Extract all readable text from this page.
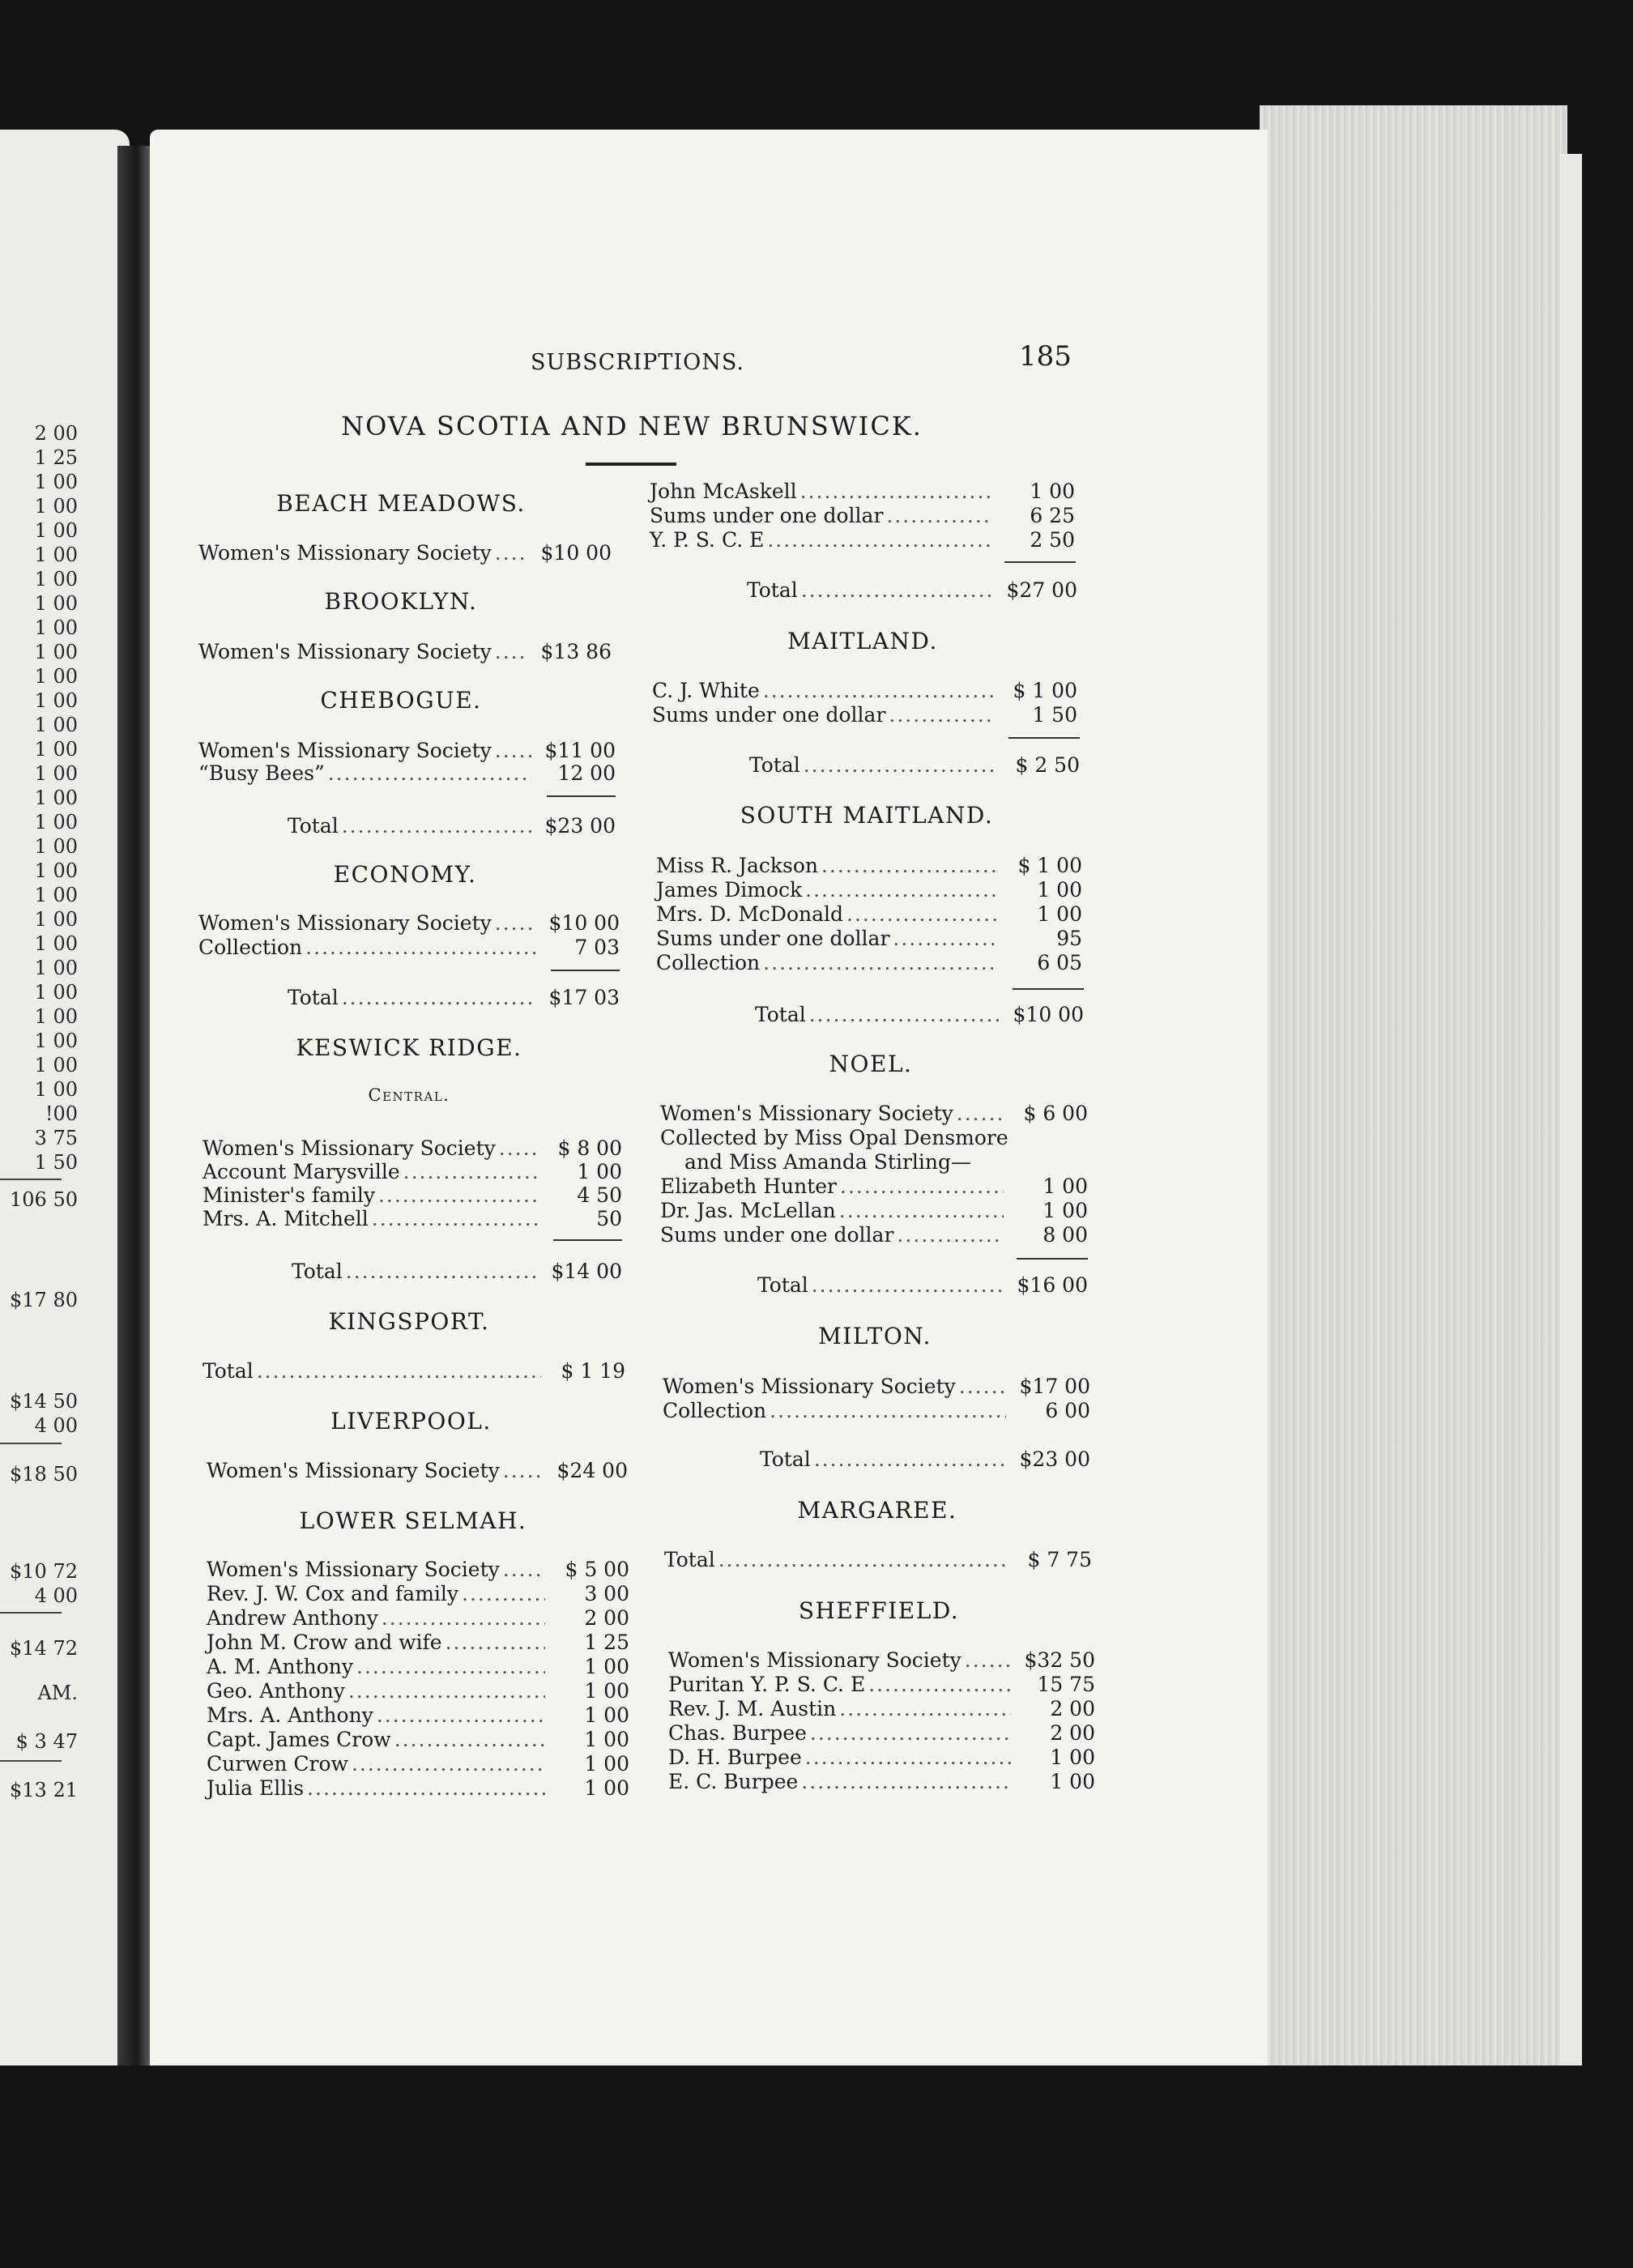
2 00
1 25
1 00
1 00
1 00
1 00
1 00
1 00
1 00
1 00
1 00
1 00
1 00
1 00
1 00
1 00
1 00
1 00
1 00
1 00
1 00
1 00
1 00
1 00
1 00
1 00
1 00
1 00
!00
3 75
1 50
106 50
$17 80
$14 50
4 00
$18 50
$10 72
4 00
$14 72
AM.
$ 3 47
$13 21
SUBSCRIPTIONS.	185
NOVA SCOTIA AND NEW BRUNSWICK.
BEACH MEADOWS.
Women's Missionary Society .....	$10 00
BROOKLYN.
Women's Missionary Society .....	$13 86
CHEBOGUE.
Women's Missionary Society .....	$11 00
“Busy Bees” .....	12 00
Total .....	$23 00
ECONOMY.
Women's Missionary Society .....	$10 00
Collection .....	7 03
Total .....	$17 03
KESWICK RIDGE.
Central.
Women's Missionary Society .....	$ 8 00
Account Marysville .....	1 00
Minister's family .....	4 50
Mrs. A. Mitchell .....	50
Total .....	$14 00
KINGSPORT.
Total .....	$ 1 19
LIVERPOOL.
Women's Missionary Society .....	$24 00
LOWER SELMAH.
Women's Missionary Society .....	$ 5 00
Rev. J. W. Cox and family .....	3 00
Andrew Anthony .....	2 00
John M. Crow and wife .....	1 25
A. M. Anthony .....	1 00
Geo. Anthony .....	1 00
Mrs. A. Anthony .....	1 00
Capt. James Crow .....	1 00
Curwen Crow .....	1 00
Julia Ellis .....	1 00
John McAskell .....	1 00
Sums under one dollar .....	6 25
Y. P. S. C. E .....	2 50
Total .....	$27 00
MAITLAND.
C. J. White .....	$ 1 00
Sums under one dollar .....	1 50
Total .....	$ 2 50
SOUTH MAITLAND.
Miss R. Jackson .....	$ 1 00
James Dimock .....	1 00
Mrs. D. McDonald .....	1 00
Sums under one dollar .....	95
Collection .....	6 05
Total .....	$10 00
NOEL.
Women's Missionary Society .....	$ 6 00
Collected by Miss Opal Densmore
and Miss Amanda Stirling—
Elizabeth Hunter .....	1 00
Dr. Jas. McLellan .....	1 00
Sums under one dollar .....	8 00
Total .....	$16 00
MILTON.
Women's Missionary Society .....	$17 00
Collection .....	6 00
Total .....	$23 00
MARGAREE.
Total .....	$ 7 75
SHEFFIELD.
Women's Missionary Society .....	$32 50
Puritan Y. P. S. C. E .....	15 75
Rev. J. M. Austin .....	2 00
Chas. Burpee .....	2 00
D. H. Burpee .....	1 00
E. C. Burpee .....	1 00
